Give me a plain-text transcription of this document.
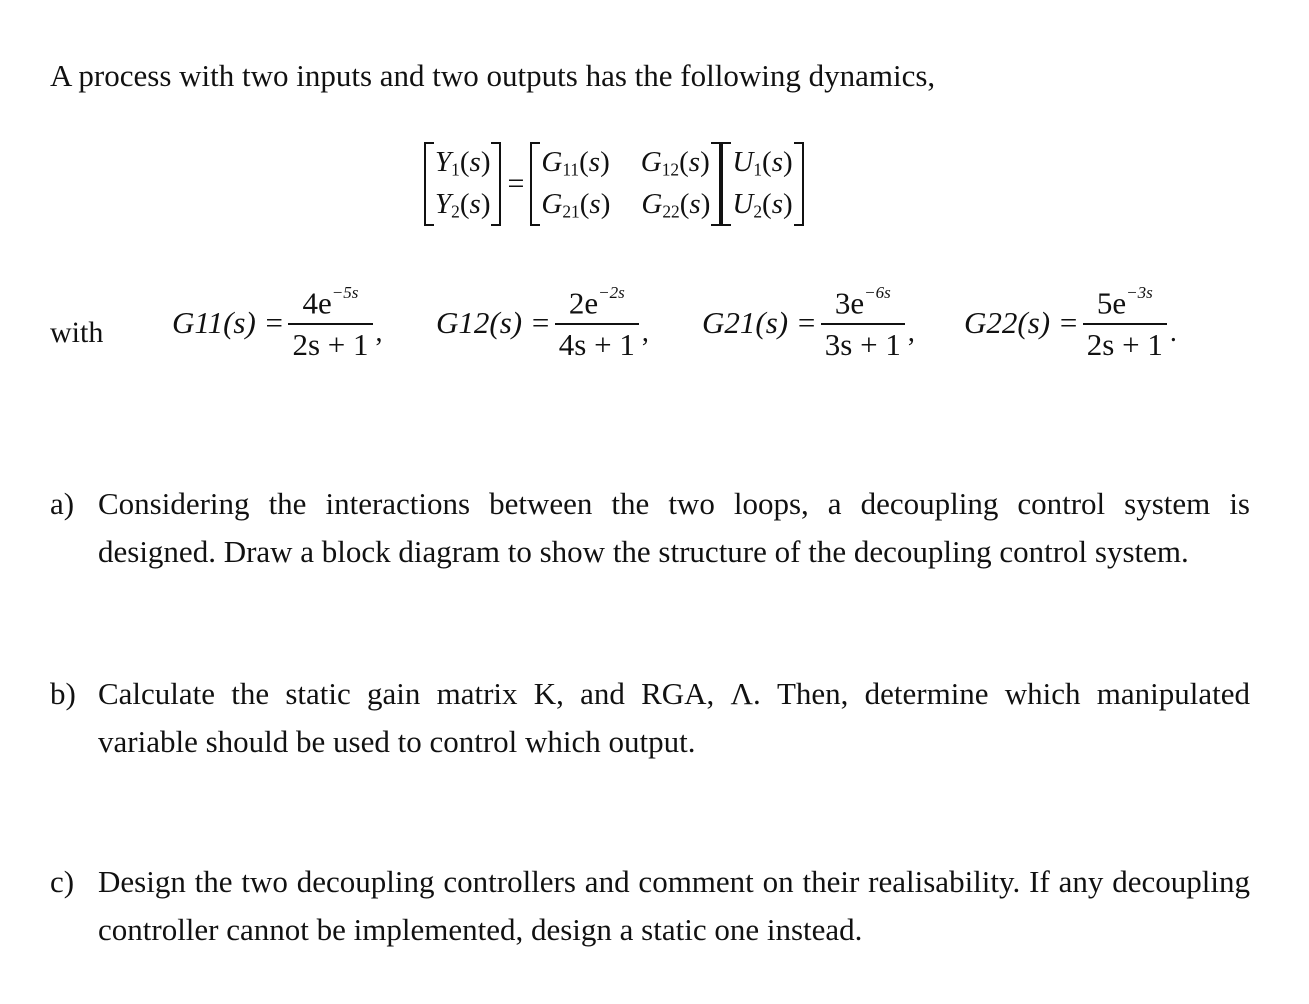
A process with two inputs and two outputs has the following dynamics,
$Y_1(s)$
$Y_2(s)$
=
$G_{11}(s)$	$G_{12}(s)$
$G_{21}(s)$	$G_{22}(s)$
$U_1(s)$
$U_2(s)$
with $G11(s) = \frac{4e^{-5s}}{2s + 1}$ , $G12(s) = \frac{2e^{-2s}}{4s + 1}$ , $G21(s) = \frac{3e^{-6s}}{3s + 1}$ , $G22(s) = \frac{5e^{-3s}}{2s + 1}$ .
a) Considering the interactions between the two loops, a decoupling control system is designed. Draw a block diagram to show the structure of the decoupling control system.
b) Calculate the static gain matrix K, and RGA, Λ. Then, determine which manipulated variable should be used to control which output.
c) Design the two decoupling controllers and comment on their realisability. If any decoupling controller cannot be implemented, design a static one instead.
